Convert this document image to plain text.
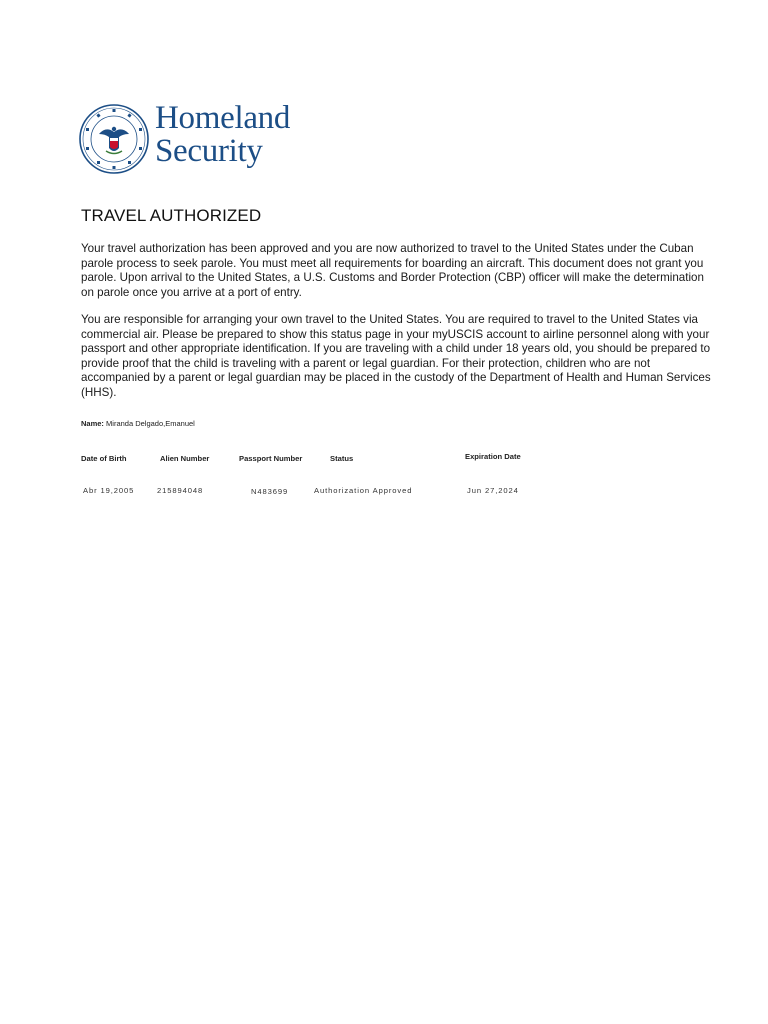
Homeland
Security
TRAVEL AUTHORIZED

Your travel authorization has been approved and you are now authorized to travel to the United States under the Cuban parole process to seek parole. You must meet all requirements for boarding an aircraft. This document does not grant you parole. Upon arrival to the United States, a U.S. Customs and Border Protection (CBP) officer will make the determination on parole once you arrive at a port of entry.

You are responsible for arranging your own travel to the United States. You are required to travel to the United States via commercial air. Please be prepared to show this status page in your myUSCIS account to airline personnel along with your passport and other appropriate identification. If you are traveling with a child under 18 years old, you should be prepared to provide proof that the child is traveling with a parent or legal guardian. For their protection, children who are not accompanied by a parent or legal guardian may be placed in the custody of the Department of Health and Human Services (HHS).

Name: Miranda Delgado,Emanuel
Date of Birth	Alien Number	Passport Number	Status	Expiration Date
Abr 19,2005	215894048	N483699	Authorization Approved	Jun 27,2024
